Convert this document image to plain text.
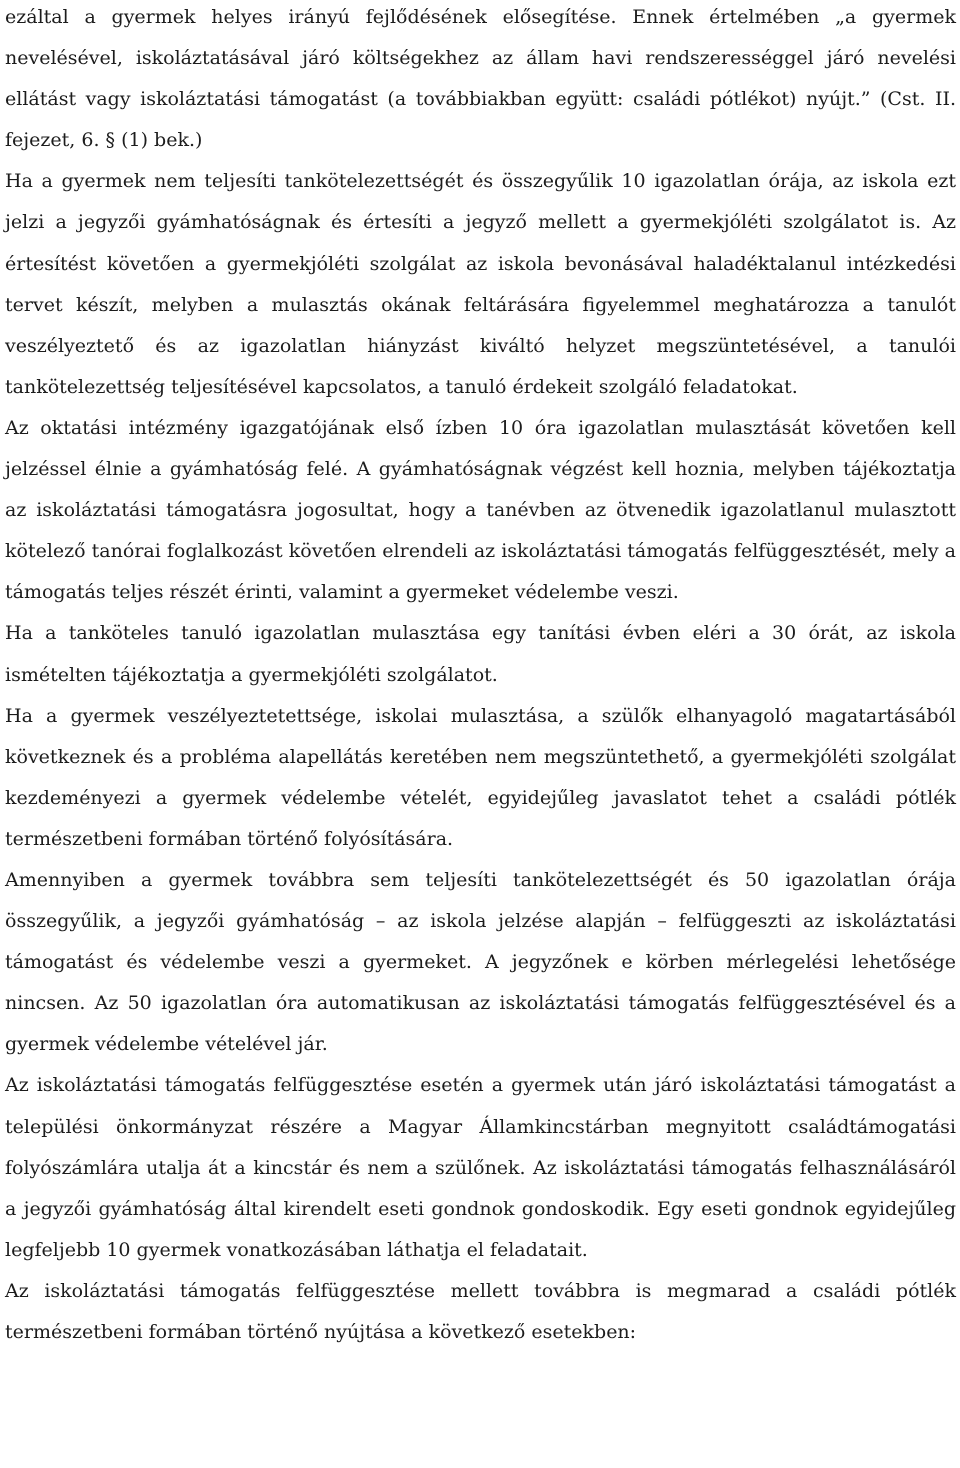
ezáltal a gyermek helyes irányú fejlődésének elősegítése. Ennek értelmében „a gyermek nevelésével, iskoláztatásával járó költségekhez az állam havi rendszerességgel járó nevelési ellátást vagy iskoláztatási támogatást (a továbbiakban együtt: családi pótlékot) nyújt.” (Cst. II. fejezet, 6. § (1) bek.)

Ha a gyermek nem teljesíti tankötelezettségét és összegyűlik 10 igazolatlan órája, az iskola ezt jelzi a jegyzői gyámhatóságnak és értesíti a jegyző mellett a gyermekjóléti szolgálatot is. Az értesítést követően a gyermekjóléti szolgálat az iskola bevonásával haladéktalanul intézkedési tervet készít, melyben a mulasztás okának feltárására figyelemmel meghatározza a tanulót veszélyeztető és az igazolatlan hiányzást kiváltó helyzet megszüntetésével, a tanulói tankötelezettség teljesítésével kapcsolatos, a tanuló érdekeit szolgáló feladatokat.

Az oktatási intézmény igazgatójának első ízben 10 óra igazolatlan mulasztását követően kell jelzéssel élnie a gyámhatóság felé. A gyámhatóságnak végzést kell hoznia, melyben tájékoztatja az iskoláztatási támogatásra jogosultat, hogy a tanévben az ötvenedik igazolatlanul mulasztott kötelező tanórai foglalkozást követően elrendeli az iskoláztatási támogatás felfüggesztését, mely a támogatás teljes részét érinti, valamint a gyermeket védelembe veszi.

Ha a tanköteles tanuló igazolatlan mulasztása egy tanítási évben eléri a 30 órát, az iskola ismételten tájékoztatja a gyermekjóléti szolgálatot.

Ha a gyermek veszélyeztetettsége, iskolai mulasztása, a szülők elhanyagoló magatartásából következnek és a probléma alapellátás keretében nem megszüntethető, a gyermekjóléti szolgálat kezdeményezi a gyermek védelembe vételét, egyidejűleg javaslatot tehet a családi pótlék természetbeni formában történő folyósítására.

Amennyiben a gyermek továbbra sem teljesíti tankötelezettségét és 50 igazolatlan órája összegyűlik, a jegyzői gyámhatóság – az iskola jelzése alapján – felfüggeszti az iskoláztatási támogatást és védelembe veszi a gyermeket. A jegyzőnek e körben mérlegelési lehetősége nincsen. Az 50 igazolatlan óra automatikusan az iskoláztatási támogatás felfüggesztésével és a gyermek védelembe vételével jár.

Az iskoláztatási támogatás felfüggesztése esetén a gyermek után járó iskoláztatási támogatást a települési önkormányzat részére a Magyar Államkincstárban megnyitott családtámogatási folyószámlára utalja át a kincstár és nem a szülőnek. Az iskoláztatási támogatás felhasználásáról a jegyzői gyámhatóság által kirendelt eseti gondnok gondoskodik. Egy eseti gondnok egyidejűleg legfeljebb 10 gyermek vonatkozásában láthatja el feladatait.

Az iskoláztatási támogatás felfüggesztése mellett továbbra is megmarad a családi pótlék természetbeni formában történő nyújtása a következő esetekben:
